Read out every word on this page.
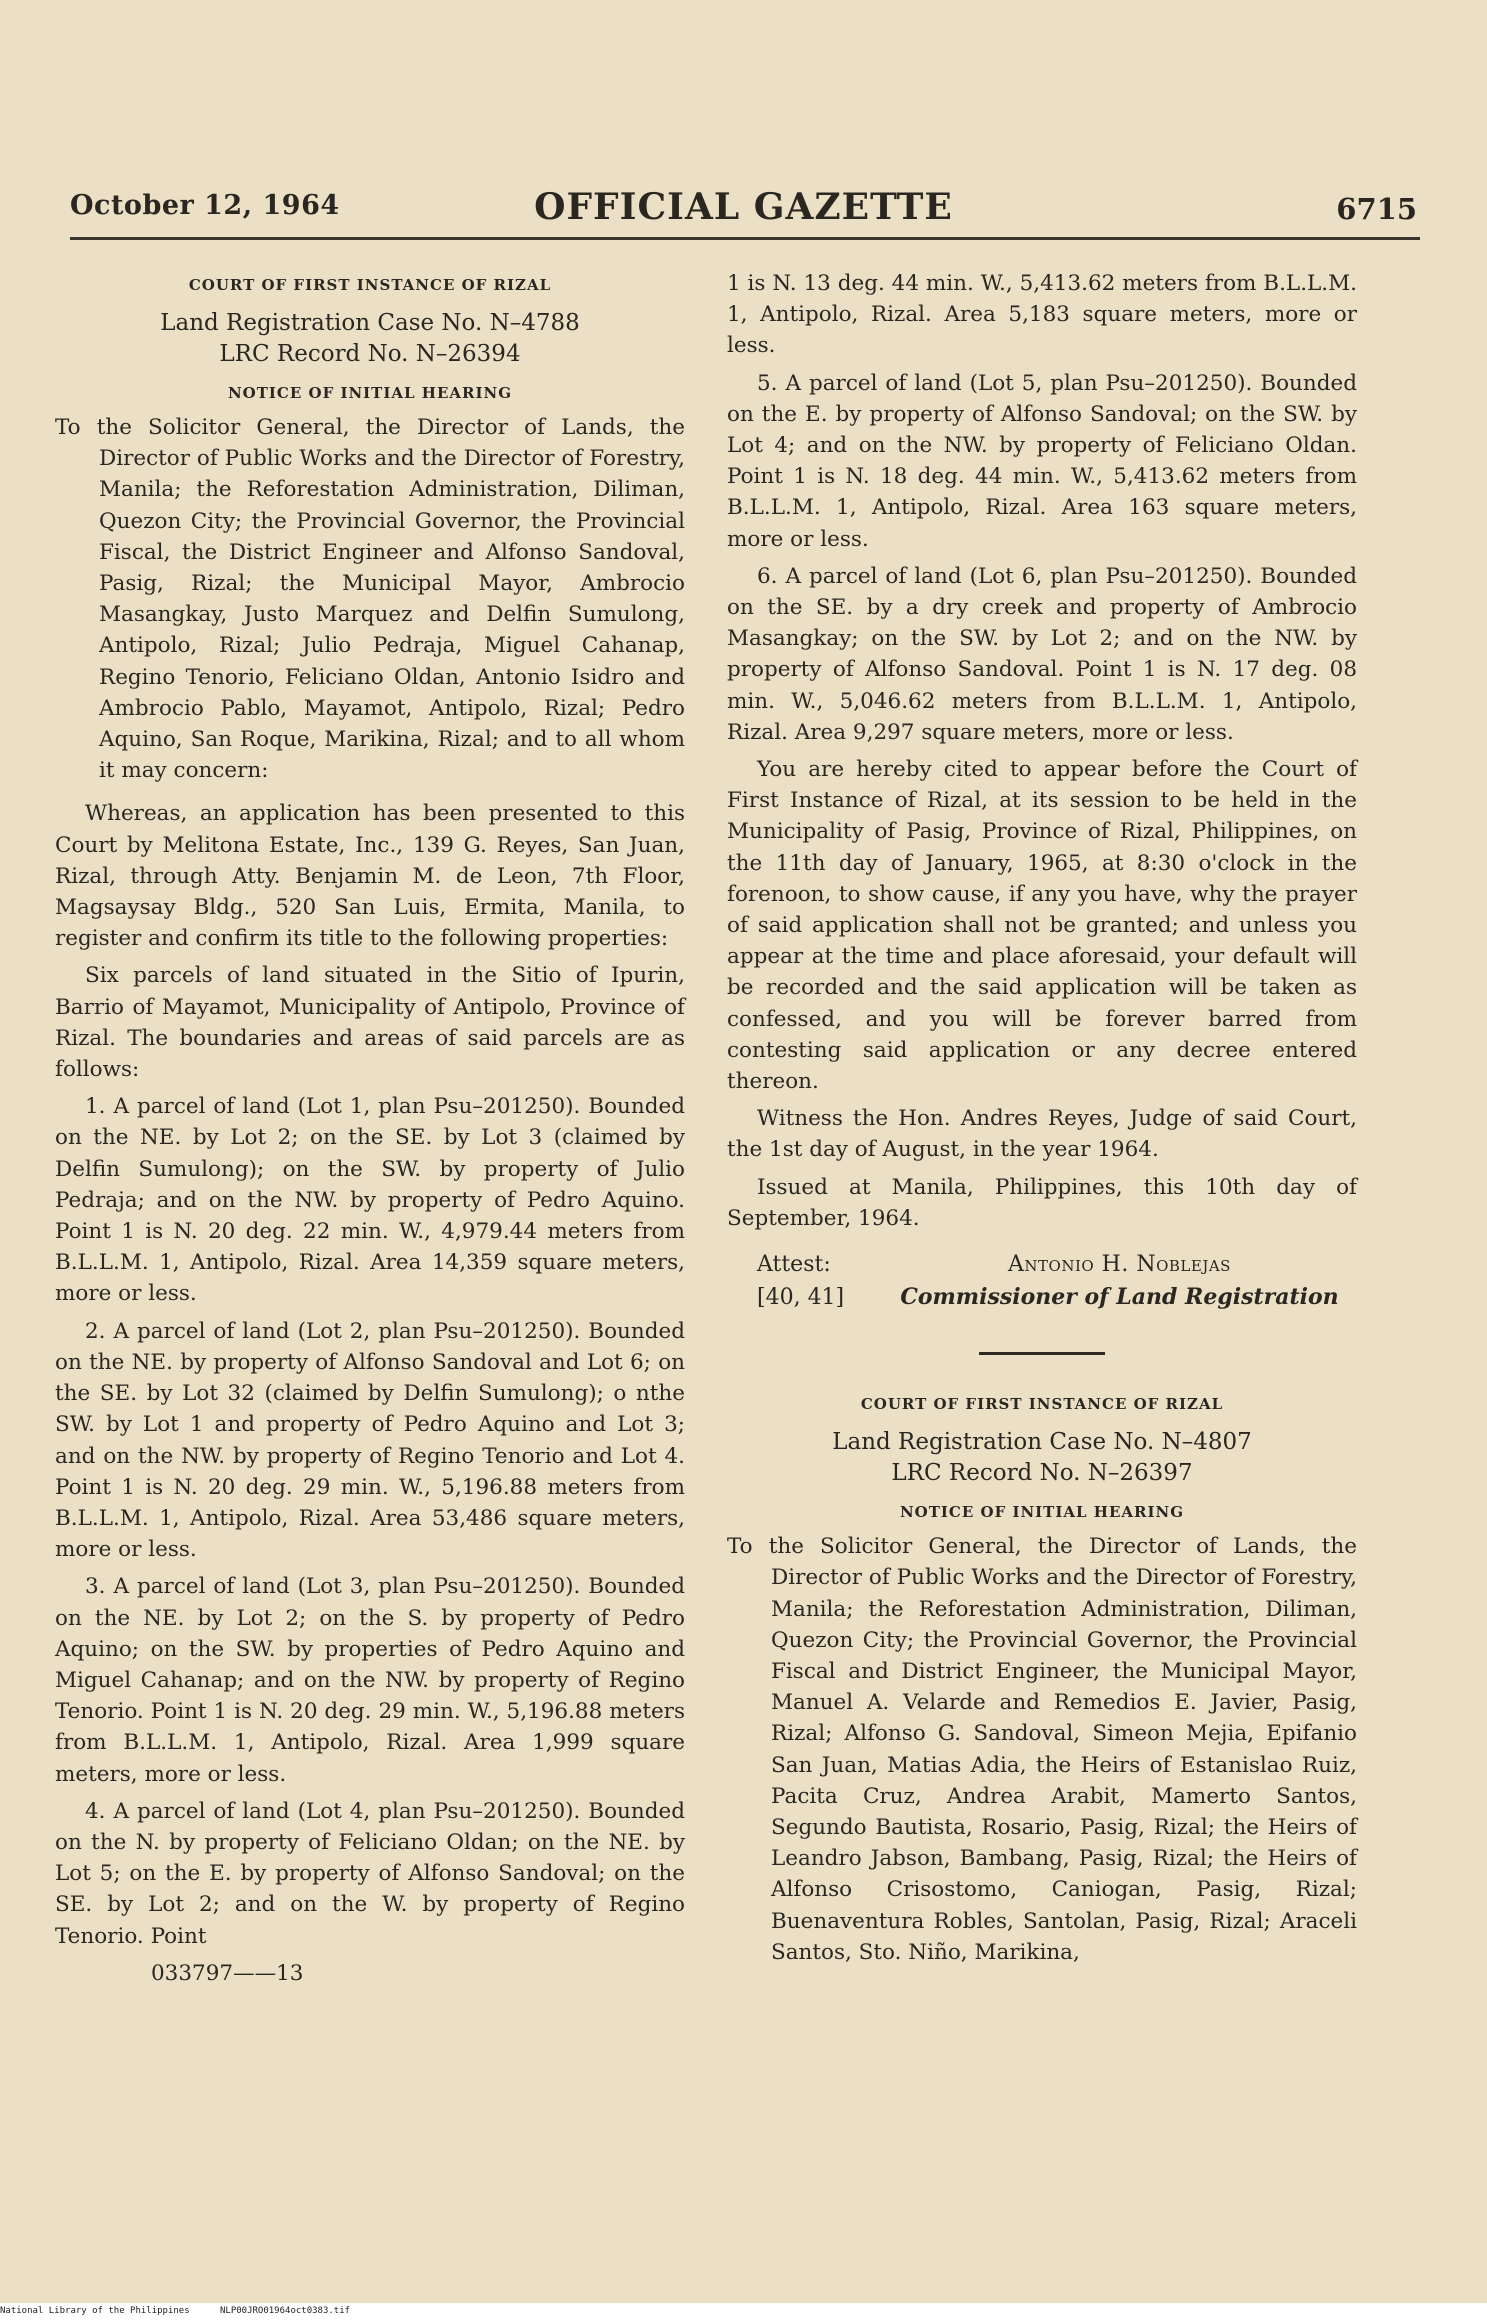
October 12, 1964	OFFICIAL GAZETTE	6715
COURT OF FIRST INSTANCE OF RIZAL
Land Registration Case No. N–4788
LRC Record No. N–26394
NOTICE OF INITIAL HEARING

To the Solicitor General, the Director of Lands, the Director of Public Works and the Director of Forestry, Manila; the Reforestation Administration, Diliman, Quezon City; the Provincial Governor, the Provincial Fiscal, the District Engineer and Alfonso Sandoval, Pasig, Rizal; the Municipal Mayor, Ambrocio Masangkay, Justo Marquez and Delfin Sumulong, Antipolo, Rizal; Julio Pedraja, Miguel Cahanap, Regino Tenorio, Feliciano Oldan, Antonio Isidro and Ambrocio Pablo, Mayamot, Antipolo, Rizal; Pedro Aquino, San Roque, Marikina, Rizal; and to all whom it may concern:

Whereas, an application has been presented to this Court by Melitona Estate, Inc., 139 G. Reyes, San Juan, Rizal, through Atty. Benjamin M. de Leon, 7th Floor, Magsaysay Bldg., 520 San Luis, Ermita, Manila, to register and confirm its title to the following properties:

Six parcels of land situated in the Sitio of Ipurin, Barrio of Mayamot, Municipality of Antipolo, Province of Rizal. The boundaries and areas of said parcels are as follows:

1. A parcel of land (Lot 1, plan Psu–201250). Bounded on the NE. by Lot 2; on the SE. by Lot 3 (claimed by Delfin Sumulong); on the SW. by property of Julio Pedraja; and on the NW. by property of Pedro Aquino. Point 1 is N. 20 deg. 22 min. W., 4,979.44 meters from B.L.L.M. 1, Antipolo, Rizal. Area 14,359 square meters, more or less.

2. A parcel of land (Lot 2, plan Psu–201250). Bounded on the NE. by property of Alfonso Sandoval and Lot 6; on the SE. by Lot 32 (claimed by Delfin Sumulong); o nthe SW. by Lot 1 and property of Pedro Aquino and Lot 3; and on the NW. by property of Regino Tenorio and Lot 4. Point 1 is N. 20 deg. 29 min. W., 5,196.88 meters from B.L.L.M. 1, Antipolo, Rizal. Area 53,486 square meters, more or less.

3. A parcel of land (Lot 3, plan Psu–201250). Bounded on the NE. by Lot 2; on the S. by property of Pedro Aquino; on the SW. by properties of Pedro Aquino and Miguel Cahanap; and on the NW. by property of Regino Tenorio. Point 1 is N. 20 deg. 29 min. W., 5,196.88 meters from B.L.L.M. 1, Antipolo, Rizal. Area 1,999 square meters, more or less.

4. A parcel of land (Lot 4, plan Psu–201250). Bounded on the N. by property of Feliciano Oldan; on the NE. by Lot 5; on the E. by property of Alfonso Sandoval; on the SE. by Lot 2; and on the W. by property of Regino Tenorio. Point

033797——13

1 is N. 13 deg. 44 min. W., 5,413.62 meters from B.L.L.M. 1, Antipolo, Rizal. Area 5,183 square meters, more or less.

5. A parcel of land (Lot 5, plan Psu–201250). Bounded on the E. by property of Alfonso Sandoval; on the SW. by Lot 4; and on the NW. by property of Feliciano Oldan. Point 1 is N. 18 deg. 44 min. W., 5,413.62 meters from B.L.L.M. 1, Antipolo, Rizal. Area 163 square meters, more or less.

6. A parcel of land (Lot 6, plan Psu–201250). Bounded on the SE. by a dry creek and property of Ambrocio Masangkay; on the SW. by Lot 2; and on the NW. by property of Alfonso Sandoval. Point 1 is N. 17 deg. 08 min. W., 5,046.62 meters from B.L.L.M. 1, Antipolo, Rizal. Area 9,297 square meters, more or less.

You are hereby cited to appear before the Court of First Instance of Rizal, at its session to be held in the Municipality of Pasig, Province of Rizal, Philippines, on the 11th day of January, 1965, at 8:30 o'clock in the forenoon, to show cause, if any you have, why the prayer of said application shall not be granted; and unless you appear at the time and place aforesaid, your default will be recorded and the said application will be taken as confessed, and you will be forever barred from contesting said application or any decree entered thereon.

Witness the Hon. Andres Reyes, Judge of said Court, the 1st day of August, in the year 1964.

Issued at Manila, Philippines, this 10th day of September, 1964.

Attest:
[40, 41]
Antonio H. Noblejas
Commissioner of Land Registration
COURT OF FIRST INSTANCE OF RIZAL
Land Registration Case No. N–4807
LRC Record No. N–26397
NOTICE OF INITIAL HEARING

To the Solicitor General, the Director of Lands, the Director of Public Works and the Director of Forestry, Manila; the Reforestation Administration, Diliman, Quezon City; the Provincial Governor, the Provincial Fiscal and District Engineer, the Municipal Mayor, Manuel A. Velarde and Remedios E. Javier, Pasig, Rizal; Alfonso G. Sandoval, Simeon Mejia, Epifanio San Juan, Matias Adia, the Heirs of Estanislao Ruiz, Pacita Cruz, Andrea Arabit, Mamerto Santos, Segundo Bautista, Rosario, Pasig, Rizal; the Heirs of Leandro Jabson, Bambang, Pasig, Rizal; the Heirs of Alfonso Crisostomo, Caniogan, Pasig, Rizal; Buenaventura Robles, Santolan, Pasig, Rizal; Araceli Santos, Sto. Niño, Marikina,

National Library of the Philippines	NLP00JRO01964oct0383.tif
